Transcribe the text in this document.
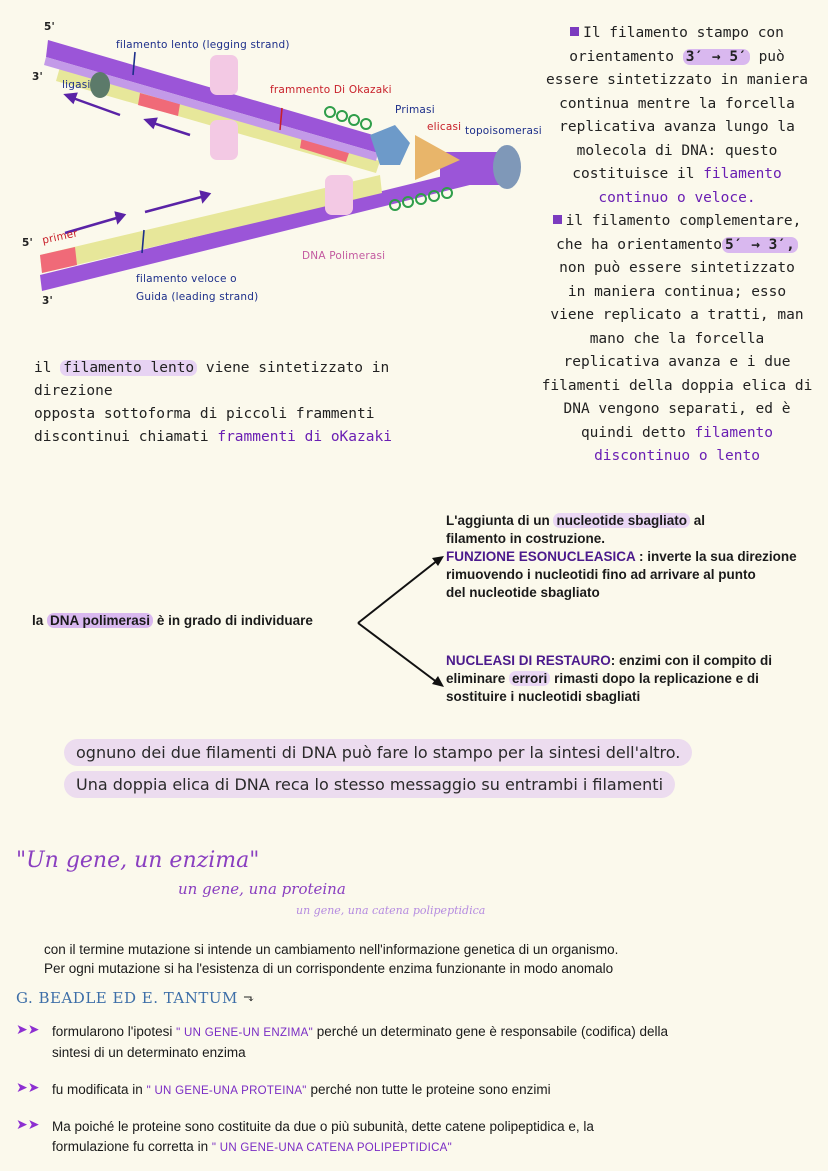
5'
3'
filamento lento (legging strand)
ligasi	frammento Di Okazaki
Primasi
elicasi topoisomerasi
5' primer
3'
DNA Polimerasi
filamento veloce o
Guida (leading strand)
Il filamento stampo con
orientamento 3′ → 5′ può
essere sintetizzato in maniera
continua mentre la forcella
replicativa avanza lungo la
molecola di DNA: questo
costituisce il filamento
continuo o veloce.
il filamento complementare,
che ha orientamento 5′ → 3′,
non può essere sintetizzato
in maniera continua; esso
viene replicato a tratti, man
mano che la forcella
replicativa avanza e i due
filamenti della doppia elica di
DNA vengono separati, ed è
quindi detto filamento
discontinuo o lento
il filamento lento viene sintetizzato in direzione
opposta sottoforma di piccoli frammenti
discontinui chiamati frammenti di oKazaki
la DNA polimerasi è in grado di individuare
L'aggiunta di un nucleotide sbagliato al
filamento in costruzione.
FUNZIONE ESONUCLEASICA : inverte la sua direzione
rimuovendo i nucleotidi fino ad arrivare al punto
del nucleotide sbagliato
NUCLEASI DI RESTAURO: enzimi con il compito di
eliminare errori rimasti dopo la replicazione e di
sostituire i nucleotidi sbagliati
ognuno dei due filamenti di DNA può fare lo stampo per la sintesi dell'altro.
Una doppia elica di DNA reca lo stesso messaggio su entrambi i filamenti
"Un gene, un enzima"
un gene, una proteina
un gene, una catena polipeptidica
con il termine mutazione si intende un cambiamento nell'informazione genetica di un organismo.
Per ogni mutazione si ha l'esistenza di un corrispondente enzima funzionante in modo anomalo
G. BEADLE ED E. TANTUM ⬎
➤➤ formularono l'ipotesi " UN GENE-UN ENZIMA" perché un determinato gene è responsabile (codifica) della
sintesi di un determinato enzima
➤➤ fu modificata in " UN GENE-UNA PROTEINA" perché non tutte le proteine sono enzimi
➤➤ Ma poiché le proteine sono costituite da due o più subunità, dette catene polipeptidica e, la
formulazione fu corretta in " UN GENE-UNA CATENA POLIPEPTIDICA"
